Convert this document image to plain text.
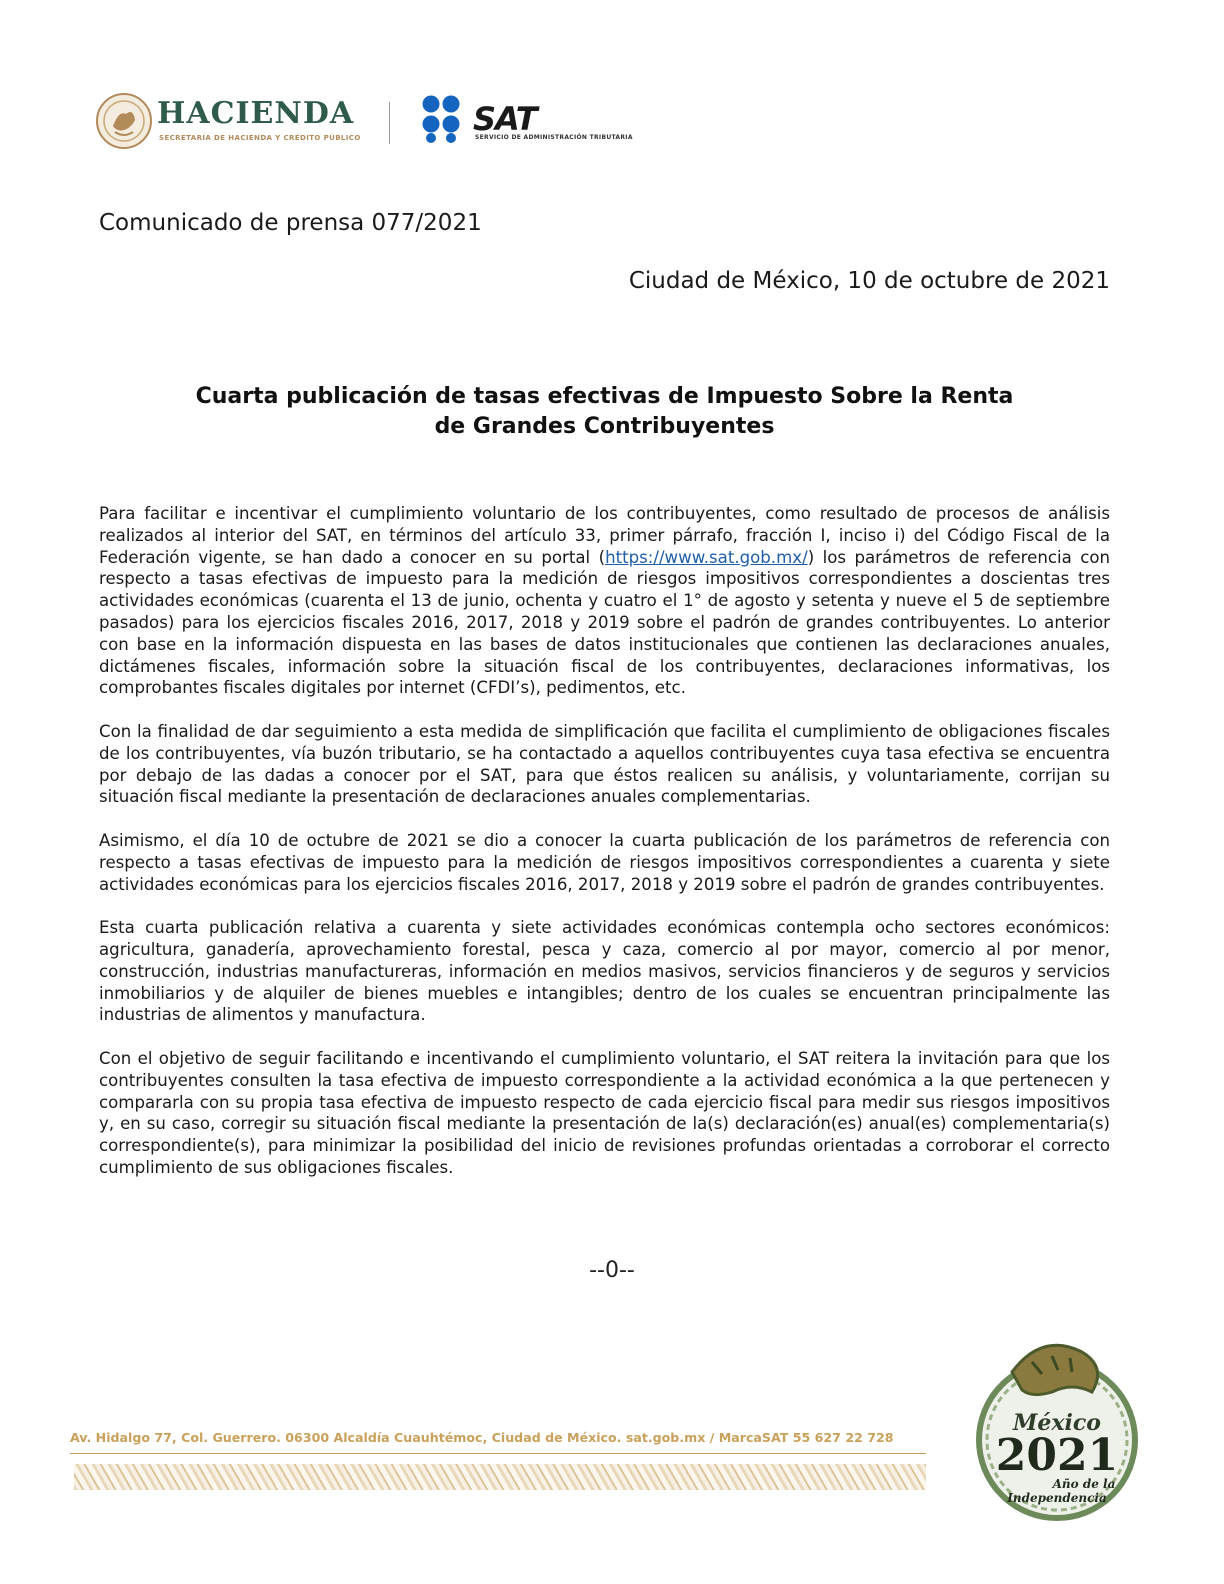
HACIENDA
SECRETARÍA DE HACIENDA Y CRÉDITO PÚBLICO	SAT
SERVICIO DE ADMINISTRACIÓN TRIBUTARIA
Comunicado de prensa 077/2021
Ciudad de México, 10 de octubre de 2021
Cuarta publicación de tasas efectivas de Impuesto Sobre la Renta
de Grandes Contribuyentes

Para facilitar e incentivar el cumplimiento voluntario de los contribuyentes, como resultado de procesos de análisis realizados al interior del SAT, en términos del artículo 33, primer párrafo, fracción I, inciso i) del Código Fiscal de la Federación vigente, se han dado a conocer en su portal (https://www.sat.gob.mx/) los parámetros de referencia con respecto a tasas efectivas de impuesto para la medición de riesgos impositivos correspondientes a doscientas tres actividades económicas (cuarenta el 13 de junio, ochenta y cuatro el 1° de agosto y setenta y nueve el 5 de septiembre pasados) para los ejercicios fiscales 2016, 2017, 2018 y 2019 sobre el padrón de grandes contribuyentes. Lo anterior con base en la información dispuesta en las bases de datos institucionales que contienen las declaraciones anuales, dictámenes fiscales, información sobre la situación fiscal de los contribuyentes, declaraciones informativas, los comprobantes fiscales digitales por internet (CFDI’s), pedimentos, etc.

Con la finalidad de dar seguimiento a esta medida de simplificación que facilita el cumplimiento de obligaciones fiscales de los contribuyentes, vía buzón tributario, se ha contactado a aquellos contribuyentes cuya tasa efectiva se encuentra por debajo de las dadas a conocer por el SAT, para que éstos realicen su análisis, y voluntariamente, corrijan su situación fiscal mediante la presentación de declaraciones anuales complementarias.

Asimismo, el día 10 de octubre de 2021 se dio a conocer la cuarta publicación de los parámetros de referencia con respecto a tasas efectivas de impuesto para la medición de riesgos impositivos correspondientes a cuarenta y siete actividades económicas para los ejercicios fiscales 2016, 2017, 2018 y 2019 sobre el padrón de grandes contribuyentes.

Esta cuarta publicación relativa a cuarenta y siete actividades económicas contempla ocho sectores económicos: agricultura, ganadería, aprovechamiento forestal, pesca y caza, comercio al por mayor, comercio al por menor, construcción, industrias manufactureras, información en medios masivos, servicios financieros y de seguros y servicios inmobiliarios y de alquiler de bienes muebles e intangibles; dentro de los cuales se encuentran principalmente las industrias de alimentos y manufactura.

Con el objetivo de seguir facilitando e incentivando el cumplimiento voluntario, el SAT reitera la invitación para que los contribuyentes consulten la tasa efectiva de impuesto correspondiente a la actividad económica a la que pertenecen y compararla con su propia tasa efectiva de impuesto respecto de cada ejercicio fiscal para medir sus riesgos impositivos y, en su caso, corregir su situación fiscal mediante la presentación de la(s) declaración(es) anual(es) complementaria(s) correspondiente(s), para minimizar la posibilidad del inicio de revisiones profundas orientadas a corroborar el correcto cumplimiento de sus obligaciones fiscales.

--0--
Av. Hidalgo 77, Col. Guerrero. 06300 Alcaldía Cuauhtémoc, Ciudad de México. sat.gob.mx / MarcaSAT 55 627 22 728
México
2021
Año de la
Independencia
